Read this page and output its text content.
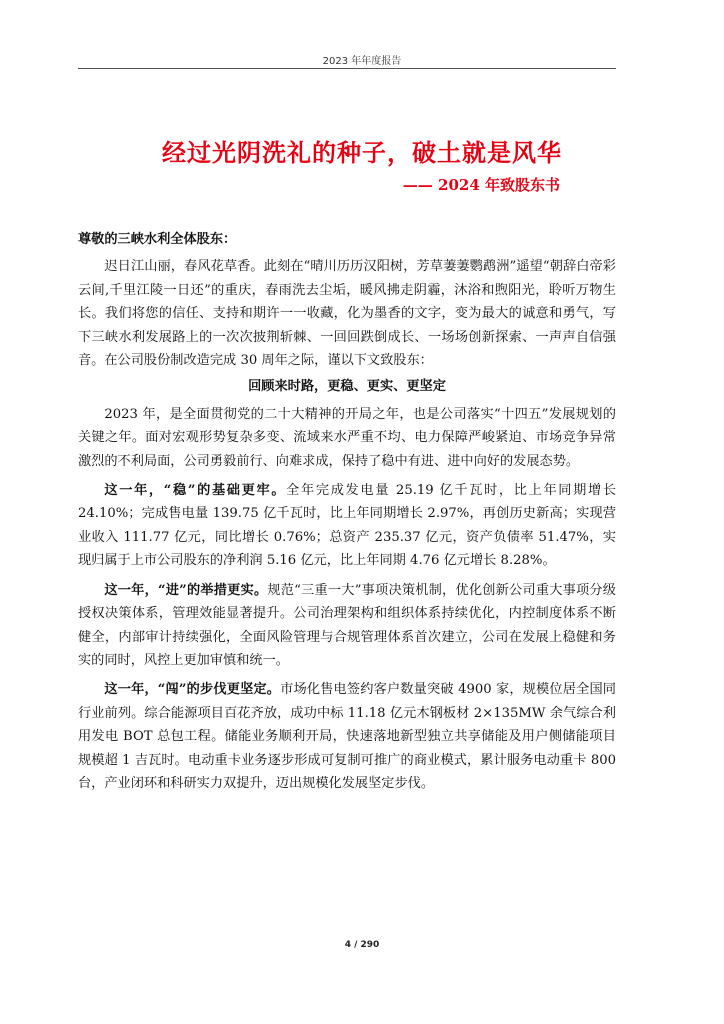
2023 年年度报告
经过光阴洗礼的种子，破土就是风华
—— 2024 年致股东书

尊敬的三峡水利全体股东：

迟日江山丽，春风花草香。此刻在“晴川历历汉阳树，芳草萋萋鹦鹉洲”遥望“朝辞白帝彩云间,千里江陵一日还”的重庆，春雨洗去尘垢，暖风拂走阴霾，沐浴和煦阳光，聆听万物生长。我们将您的信任、支持和期许一一收藏，化为墨香的文字，变为最大的诚意和勇气，写下三峡水利发展路上的一次次披荆斩棘、一回回跌倒成长、一场场创新探索、一声声自信强音。在公司股份制改造完成 30 周年之际，谨以下文致股东：

回顾来时路，更稳、更实、更坚定

2023 年，是全面贯彻党的二十大精神的开局之年，也是公司落实“十四五”发展规划的关键之年。面对宏观形势复杂多变、流域来水严重不均、电力保障严峻紧迫、市场竞争异常激烈的不利局面，公司勇毅前行、向难求成，保持了稳中有进、进中向好的发展态势。

这一年，“稳”的基础更牢。全年完成发电量 25.19 亿千瓦时，比上年同期增长 24.10%；完成售电量 139.75 亿千瓦时，比上年同期增长 2.97%，再创历史新高；实现营业收入 111.77 亿元，同比增长 0.76%；总资产 235.37 亿元，资产负债率 51.47%，实现归属于上市公司股东的净利润 5.16 亿元，比上年同期 4.76 亿元增长 8.28%。

这一年，“进”的举措更实。规范“三重一大”事项决策机制，优化创新公司重大事项分级授权决策体系，管理效能显著提升。公司治理架构和组织体系持续优化，内控制度体系不断健全，内部审计持续强化，全面风险管理与合规管理体系首次建立，公司在发展上稳健和务实的同时，风控上更加审慎和统一。

这一年，“闯”的步伐更坚定。市场化售电签约客户数量突破 4900 家，规模位居全国同行业前列。综合能源项目百花齐放，成功中标 11.18 亿元木钢板材 2×135MW 余气综合利用发电 BOT 总包工程。储能业务顺利开局，快速落地新型独立共享储能及用户侧储能项目规模超 1 吉瓦时。电动重卡业务逐步形成可复制可推广的商业模式，累计服务电动重卡 800 台，产业闭环和科研实力双提升，迈出规模化发展坚定步伐。

4 / 290
